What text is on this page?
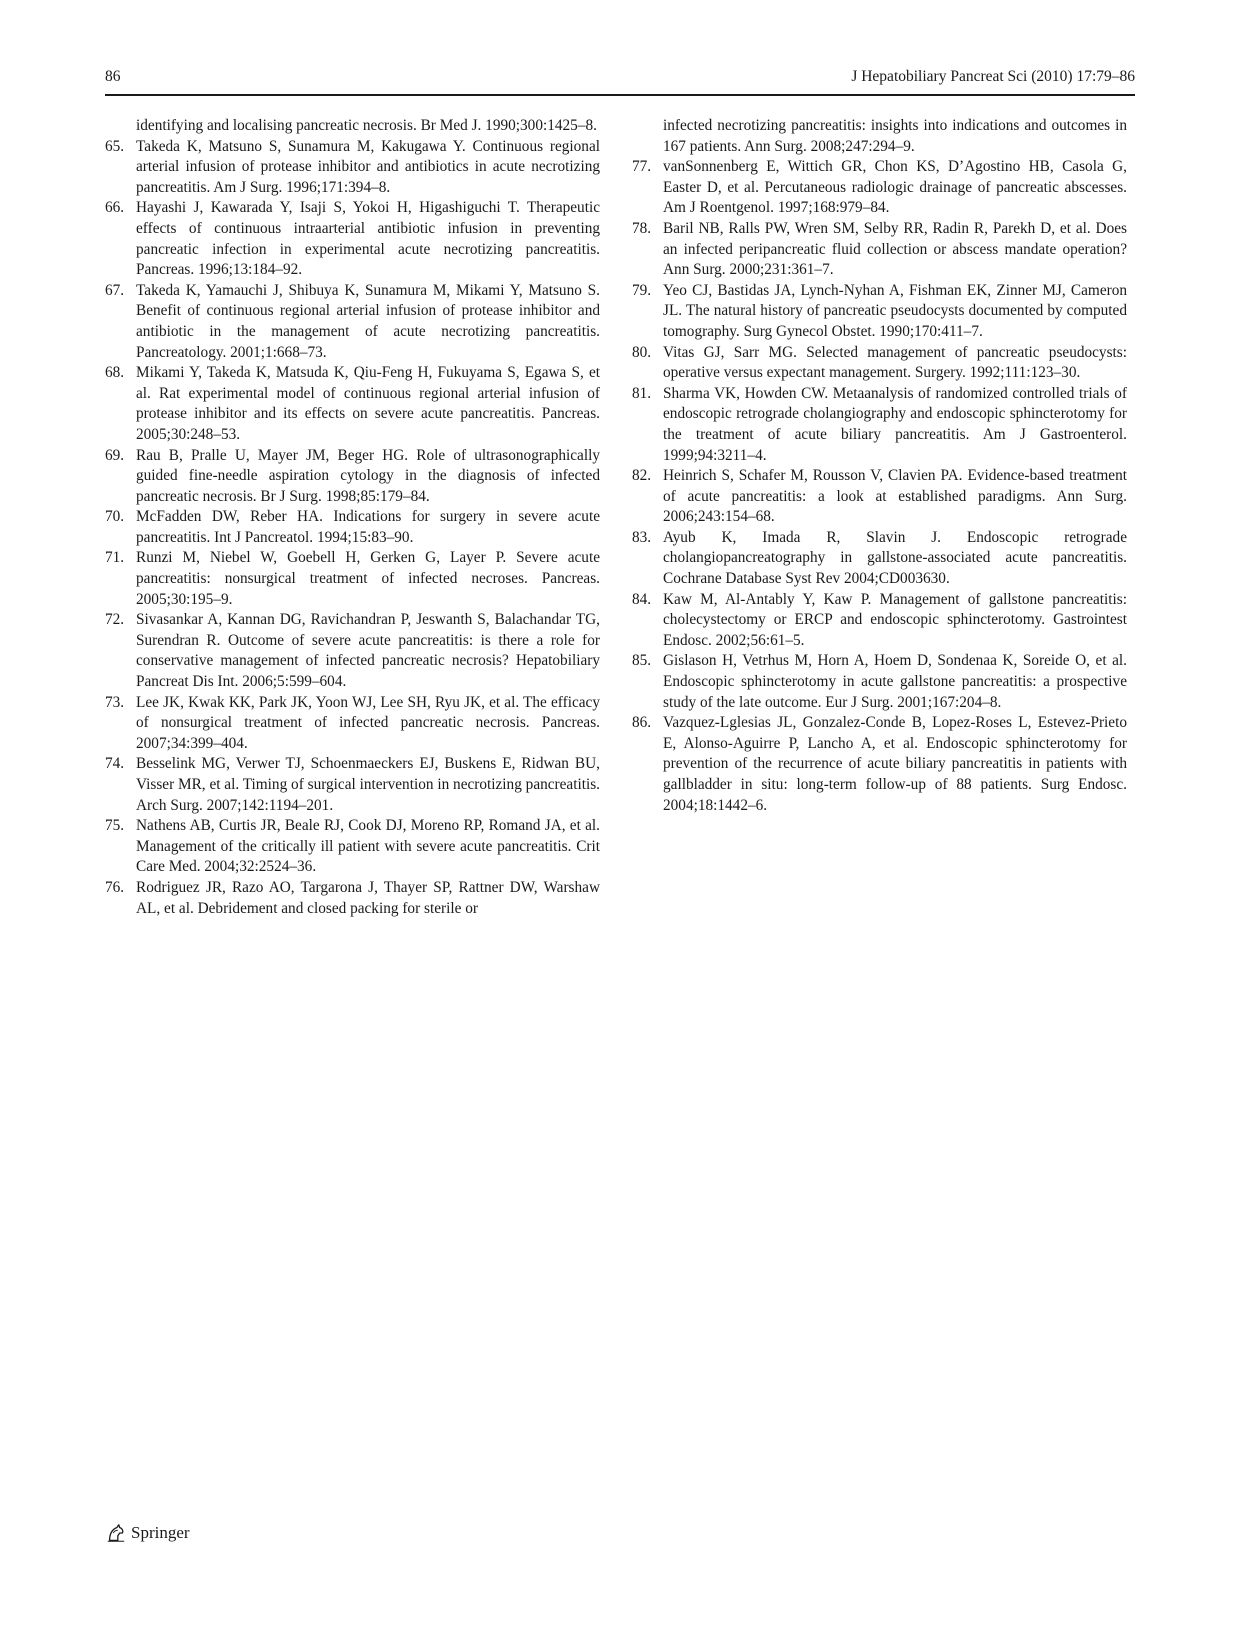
86	J Hepatobiliary Pancreat Sci (2010) 17:79–86

identifying and localising pancreatic necrosis. Br Med J. 1990;300:1425–8.

65. Takeda K, Matsuno S, Sunamura M, Kakugawa Y. Continuous regional arterial infusion of protease inhibitor and antibiotics in acute necrotizing pancreatitis. Am J Surg. 1996;171:394–8.
66. Hayashi J, Kawarada Y, Isaji S, Yokoi H, Higashiguchi T. Therapeutic effects of continuous intraarterial antibiotic infusion in preventing pancreatic infection in experimental acute necrotizing pancreatitis. Pancreas. 1996;13:184–92.
67. Takeda K, Yamauchi J, Shibuya K, Sunamura M, Mikami Y, Matsuno S. Benefit of continuous regional arterial infusion of protease inhibitor and antibiotic in the management of acute necrotizing pancreatitis. Pancreatology. 2001;1:668–73.
68. Mikami Y, Takeda K, Matsuda K, Qiu-Feng H, Fukuyama S, Egawa S, et al. Rat experimental model of continuous regional arterial infusion of protease inhibitor and its effects on severe acute pancreatitis. Pancreas. 2005;30:248–53.
69. Rau B, Pralle U, Mayer JM, Beger HG. Role of ultrasonographically guided fine-needle aspiration cytology in the diagnosis of infected pancreatic necrosis. Br J Surg. 1998;85:179–84.
70. McFadden DW, Reber HA. Indications for surgery in severe acute pancreatitis. Int J Pancreatol. 1994;15:83–90.
71. Runzi M, Niebel W, Goebell H, Gerken G, Layer P. Severe acute pancreatitis: nonsurgical treatment of infected necroses. Pancreas. 2005;30:195–9.
72. Sivasankar A, Kannan DG, Ravichandran P, Jeswanth S, Balachandar TG, Surendran R. Outcome of severe acute pancreatitis: is there a role for conservative management of infected pancreatic necrosis? Hepatobiliary Pancreat Dis Int. 2006;5:599–604.
73. Lee JK, Kwak KK, Park JK, Yoon WJ, Lee SH, Ryu JK, et al. The efficacy of nonsurgical treatment of infected pancreatic necrosis. Pancreas. 2007;34:399–404.
74. Besselink MG, Verwer TJ, Schoenmaeckers EJ, Buskens E, Ridwan BU, Visser MR, et al. Timing of surgical intervention in necrotizing pancreatitis. Arch Surg. 2007;142:1194–201.
75. Nathens AB, Curtis JR, Beale RJ, Cook DJ, Moreno RP, Romand JA, et al. Management of the critically ill patient with severe acute pancreatitis. Crit Care Med. 2004;32:2524–36.
76. Rodriguez JR, Razo AO, Targarona J, Thayer SP, Rattner DW, Warshaw AL, et al. Debridement and closed packing for sterile or

infected necrotizing pancreatitis: insights into indications and outcomes in 167 patients. Ann Surg. 2008;247:294–9.

77. vanSonnenberg E, Wittich GR, Chon KS, D’Agostino HB, Casola G, Easter D, et al. Percutaneous radiologic drainage of pancreatic abscesses. Am J Roentgenol. 1997;168:979–84.
78. Baril NB, Ralls PW, Wren SM, Selby RR, Radin R, Parekh D, et al. Does an infected peripancreatic fluid collection or abscess mandate operation? Ann Surg. 2000;231:361–7.
79. Yeo CJ, Bastidas JA, Lynch-Nyhan A, Fishman EK, Zinner MJ, Cameron JL. The natural history of pancreatic pseudocysts documented by computed tomography. Surg Gynecol Obstet. 1990;170:411–7.
80. Vitas GJ, Sarr MG. Selected management of pancreatic pseudocysts: operative versus expectant management. Surgery. 1992;111:123–30.
81. Sharma VK, Howden CW. Metaanalysis of randomized controlled trials of endoscopic retrograde cholangiography and endoscopic sphincterotomy for the treatment of acute biliary pancreatitis. Am J Gastroenterol. 1999;94:3211–4.
82. Heinrich S, Schafer M, Rousson V, Clavien PA. Evidence-based treatment of acute pancreatitis: a look at established paradigms. Ann Surg. 2006;243:154–68.
83. Ayub K, Imada R, Slavin J. Endoscopic retrograde cholangiopancreatography in gallstone-associated acute pancreatitis. Cochrane Database Syst Rev 2004;CD003630.
84. Kaw M, Al-Antably Y, Kaw P. Management of gallstone pancreatitis: cholecystectomy or ERCP and endoscopic sphincterotomy. Gastrointest Endosc. 2002;56:61–5.
85. Gislason H, Vetrhus M, Horn A, Hoem D, Sondenaa K, Soreide O, et al. Endoscopic sphincterotomy in acute gallstone pancreatitis: a prospective study of the late outcome. Eur J Surg. 2001;167:204–8.
86. Vazquez-Lglesias JL, Gonzalez-Conde B, Lopez-Roses L, Estevez-Prieto E, Alonso-Aguirre P, Lancho A, et al. Endoscopic sphincterotomy for prevention of the recurrence of acute biliary pancreatitis in patients with gallbladder in situ: long-term follow-up of 88 patients. Surg Endosc. 2004;18:1442–6.
Springer
